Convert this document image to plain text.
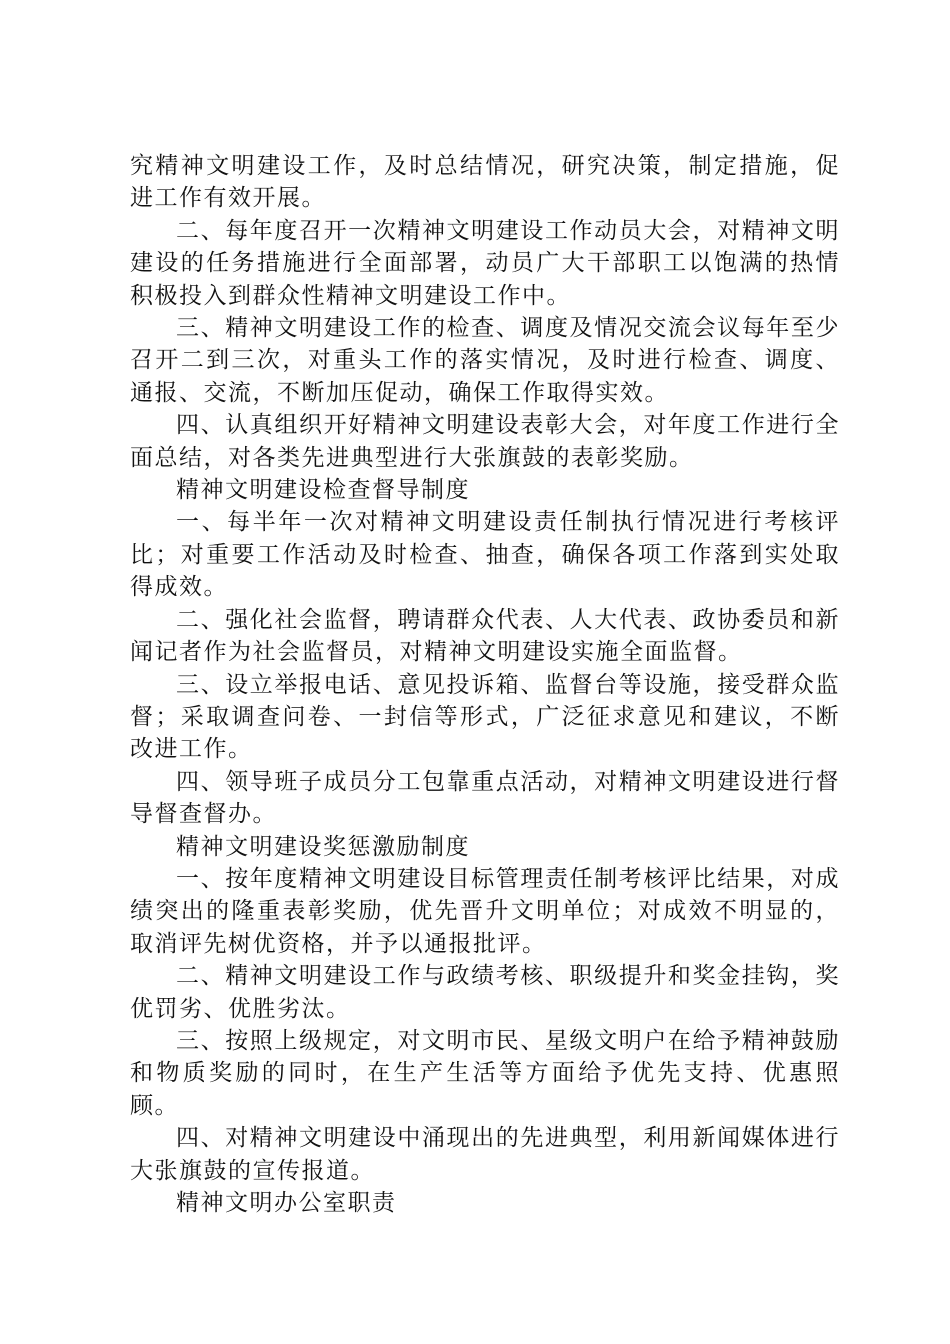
究精神文明建设工作，及时总结情况，研究决策，制定措施，促进工作有效开展。

二、每年度召开一次精神文明建设工作动员大会，对精神文明建设的任务措施进行全面部署，动员广大干部职工以饱满的热情积极投入到群众性精神文明建设工作中。

三、精神文明建设工作的检查、调度及情况交流会议每年至少召开二到三次，对重头工作的落实情况，及时进行检查、调度、通报、交流，不断加压促动，确保工作取得实效。

四、认真组织开好精神文明建设表彰大会，对年度工作进行全面总结，对各类先进典型进行大张旗鼓的表彰奖励。

精神文明建设检查督导制度

一、每半年一次对精神文明建设责任制执行情况进行考核评比；对重要工作活动及时检查、抽查，确保各项工作落到实处取得成效。

二、强化社会监督，聘请群众代表、人大代表、政协委员和新闻记者作为社会监督员，对精神文明建设实施全面监督。

三、设立举报电话、意见投诉箱、监督台等设施，接受群众监督；采取调查问卷、一封信等形式，广泛征求意见和建议，不断改进工作。

四、领导班子成员分工包靠重点活动，对精神文明建设进行督导督查督办。

精神文明建设奖惩激励制度

一、按年度精神文明建设目标管理责任制考核评比结果，对成绩突出的隆重表彰奖励，优先晋升文明单位；对成效不明显的，取消评先树优资格，并予以通报批评。

二、精神文明建设工作与政绩考核、职级提升和奖金挂钩，奖优罚劣、优胜劣汰。

三、按照上级规定，对文明市民、星级文明户在给予精神鼓励和物质奖励的同时，在生产生活等方面给予优先支持、优惠照顾。

四、对精神文明建设中涌现出的先进典型，利用新闻媒体进行大张旗鼓的宣传报道。

精神文明办公室职责
